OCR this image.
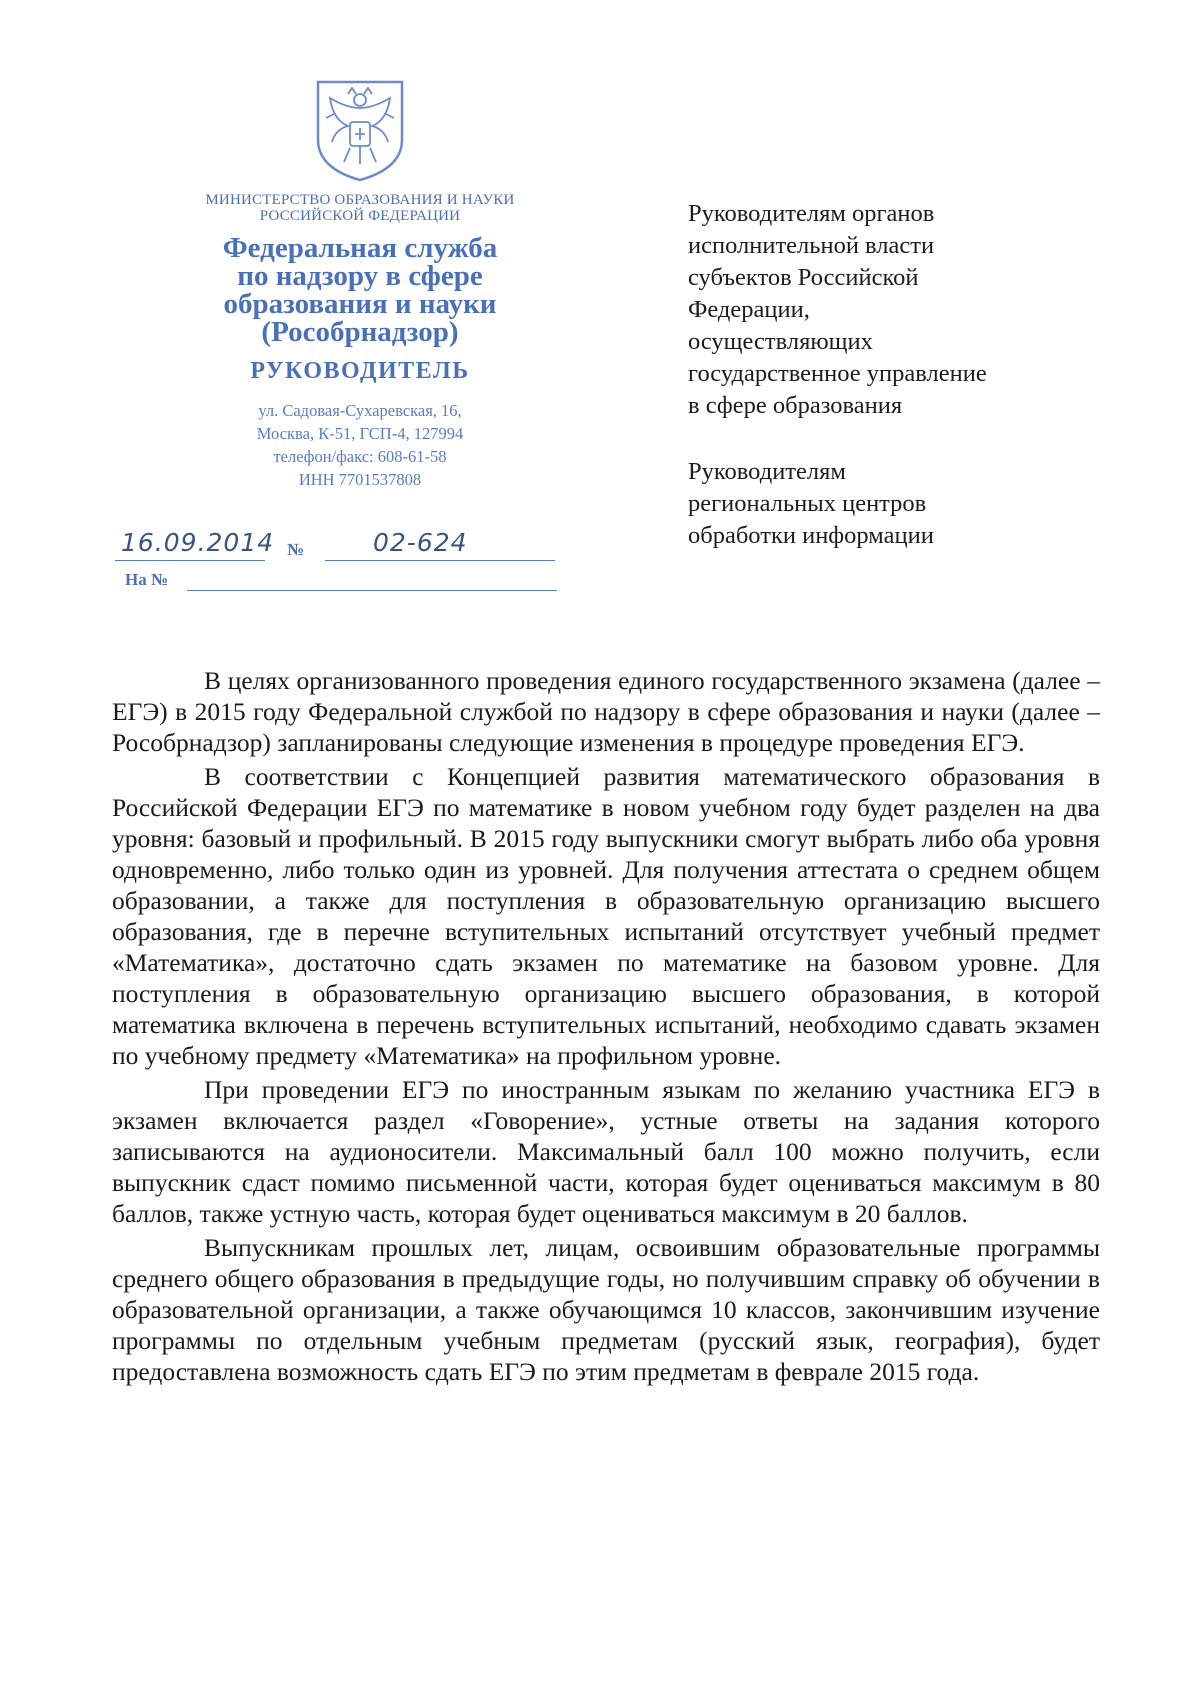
МИНИСТЕРСТВО ОБРАЗОВАНИЯ И НАУКИ
РОССИЙСКОЙ ФЕДЕРАЦИИ
Федеральная служба
по надзору в сфере
образования и науки
(Рособрнадзор)
РУКОВОДИТЕЛЬ
ул. Садовая-Сухаревская, 16,
Москва, К-51, ГСП-4, 127994
телефон/факс: 608-61-58
ИНН 7701537808
16.09.2014 №	02-624
На №
Руководителям органов
исполнительной власти
субъектов Российской
Федерации,
осуществляющих
государственное управление
в сфере образования
Руководителям
региональных центров
обработки информации

В целях организованного проведения единого государственного экзамена (далее – ЕГЭ) в 2015 году Федеральной службой по надзору в сфере образования и науки (далее – Рособрнадзор) запланированы следующие изменения в процедуре проведения ЕГЭ.

В соответствии с Концепцией развития математического образования в Российской Федерации ЕГЭ по математике в новом учебном году будет разделен на два уровня: базовый и профильный. В 2015 году выпускники смогут выбрать либо оба уровня одновременно, либо только один из уровней. Для получения аттестата о среднем общем образовании, а также для поступления в образовательную организацию высшего образования, где в перечне вступительных испытаний отсутствует учебный предмет «Математика», достаточно сдать экзамен по математике на базовом уровне. Для поступления в образовательную организацию высшего образования, в которой математика включена в перечень вступительных испытаний, необходимо сдавать экзамен по учебному предмету «Математика» на профильном уровне.

При проведении ЕГЭ по иностранным языкам по желанию участника ЕГЭ в экзамен включается раздел «Говорение», устные ответы на задания которого записываются на аудионосители. Максимальный балл 100 можно получить, если выпускник сдаст помимо письменной части, которая будет оцениваться максимум в 80 баллов, также устную часть, которая будет оцениваться максимум в 20 баллов.

Выпускникам прошлых лет, лицам, освоившим образовательные программы среднего общего образования в предыдущие годы, но получившим справку об обучении в образовательной организации, а также обучающимся 10 классов, закончившим изучение программы по отдельным учебным предметам (русский язык, география), будет предоставлена возможность сдать ЕГЭ по этим предметам в феврале 2015 года.
